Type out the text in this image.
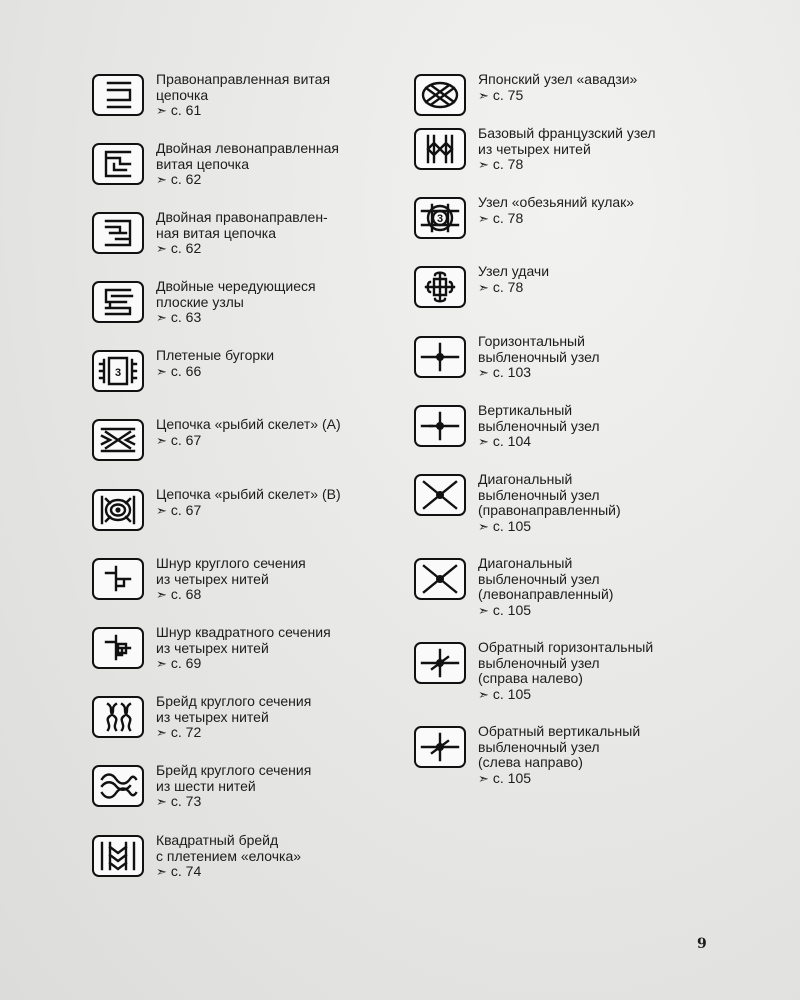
Правонаправленная витая
цепочка
➣ с. 61
Двойная левонаправленная
витая цепочка
➣ с. 62
Двойная правонаправлен-
ная витая цепочка
➣ с. 62
Двойные чередующиеся
плоские узлы
➣ с. 63
3
Плетеные бугорки
➣ с. 66
Цепочка «рыбий скелет» (A)
➣ с. 67
Цепочка «рыбий скелет» (B)
➣ с. 67
Шнур круглого сечения
из четырех нитей
➣ с. 68
Шнур квадратного сечения
из четырех нитей
➣ с. 69
Брейд круглого сечения
из четырех нитей
➣ с. 72
Брейд круглого сечения
из шести нитей
➣ с. 73
Квадратный брейд
с плетением «елочка»
➣ с. 74
Японский узел «авадзи»
➣ с. 75
Базовый французский узел
из четырех нитей
➣ с. 78
3
Узел «обезьяний кулак»
➣ с. 78
Узел удачи
➣ с. 78
Горизонтальный
выбленочный узел
➣ с. 103
Вертикальный
выбленочный узел
➣ с. 104
Диагональный
выбленочный узел
(правонаправленный)
➣ с. 105
Диагональный
выбленочный узел
(левонаправленный)
➣ с. 105
Обратный горизонтальный
выбленочный узел
(справа налево)
➣ с. 105
Обратный вертикальный
выбленочный узел
(слева направо)
➣ с. 105
9
